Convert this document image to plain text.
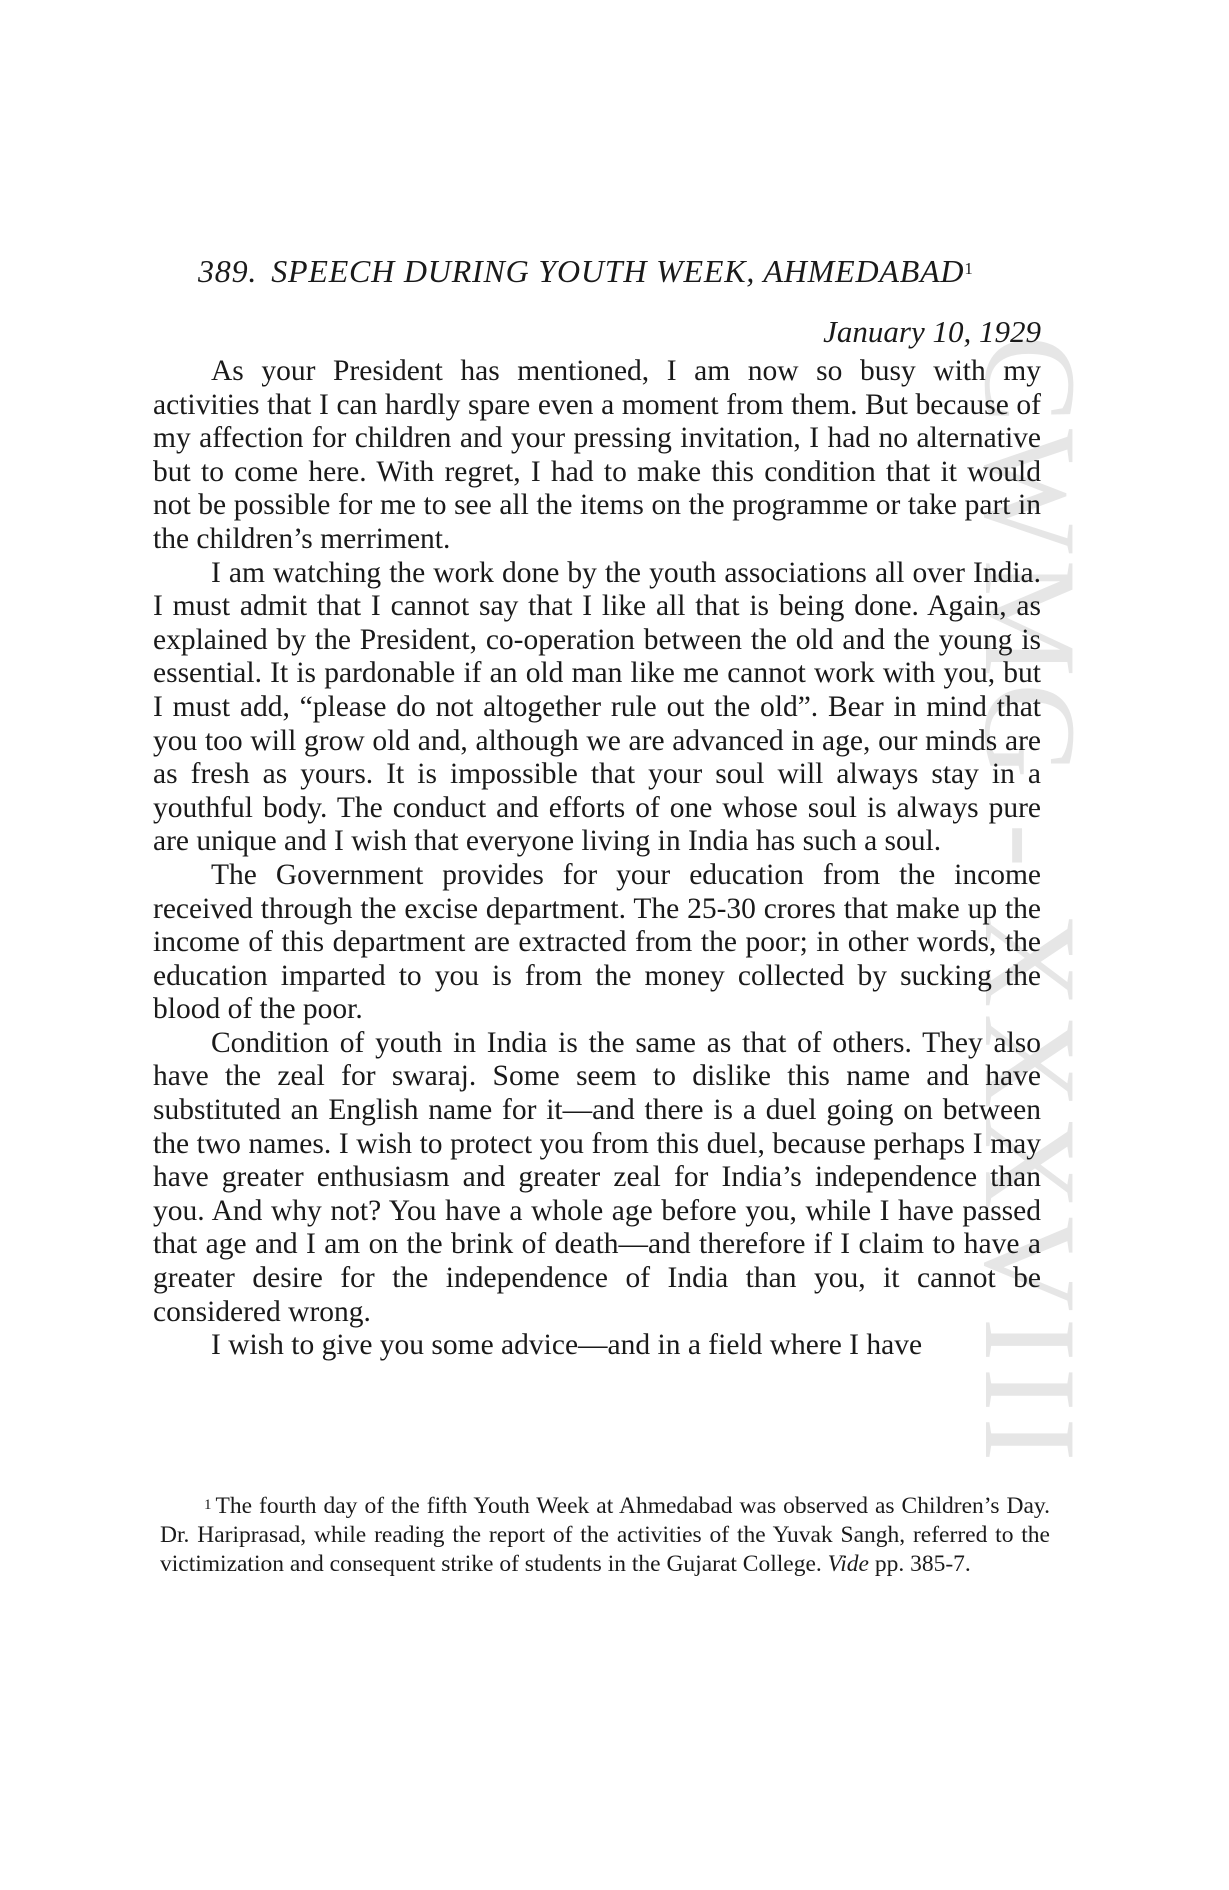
CWMG - XXXVIII
389. SPEECH DURING YOUTH WEEK, AHMEDABAD$^1$
January 10, 1929

As your President has mentioned, I am now so busy with my activities that I can hardly spare even a moment from them. But because of my affection for children and your pressing invitation, I had no alternative but to come here. With regret, I had to make this condition that it would not be possible for me to see all the items on the programme or take part in the children’s merriment.

I am watching the work done by the youth associations all over India. I must admit that I cannot say that I like all that is being done. Again, as explained by the President, co-operation between the old and the young is essential. It is pardonable if an old man like me cannot work with you, but I must add, “please do not altogether rule out the old”. Bear in mind that you too will grow old and, although we are advanced in age, our minds are as fresh as yours. It is impossible that your soul will always stay in a youthful body. The conduct and efforts of one whose soul is always pure are unique and I wish that everyone living in India has such a soul.

The Government provides for your education from the income received through the excise department. The 25-30 crores that make up the income of this department are extracted from the poor; in other words, the education imparted to you is from the money collected by sucking the blood of the poor.

Condition of youth in India is the same as that of others. They also have the zeal for swaraj. Some seem to dislike this name and have substituted an English name for it—and there is a duel going on between the two names. I wish to protect you from this duel, because perhaps I may have greater enthusiasm and greater zeal for India’s independence than you. And why not? You have a whole age before you, while I have passed that age and I am on the brink of death—and therefore if I claim to have a greater desire for the independence of India than you, it cannot be considered wrong.

I wish to give you some advice—and in a field where I have

$^1$ The fourth day of the fifth Youth Week at Ahmedabad was observed as Children’s Day. Dr. Hariprasad, while reading the report of the activities of the Yuvak Sangh, referred to the victimization and consequent strike of students in the Gujarat College. Vide pp. 385-7.
